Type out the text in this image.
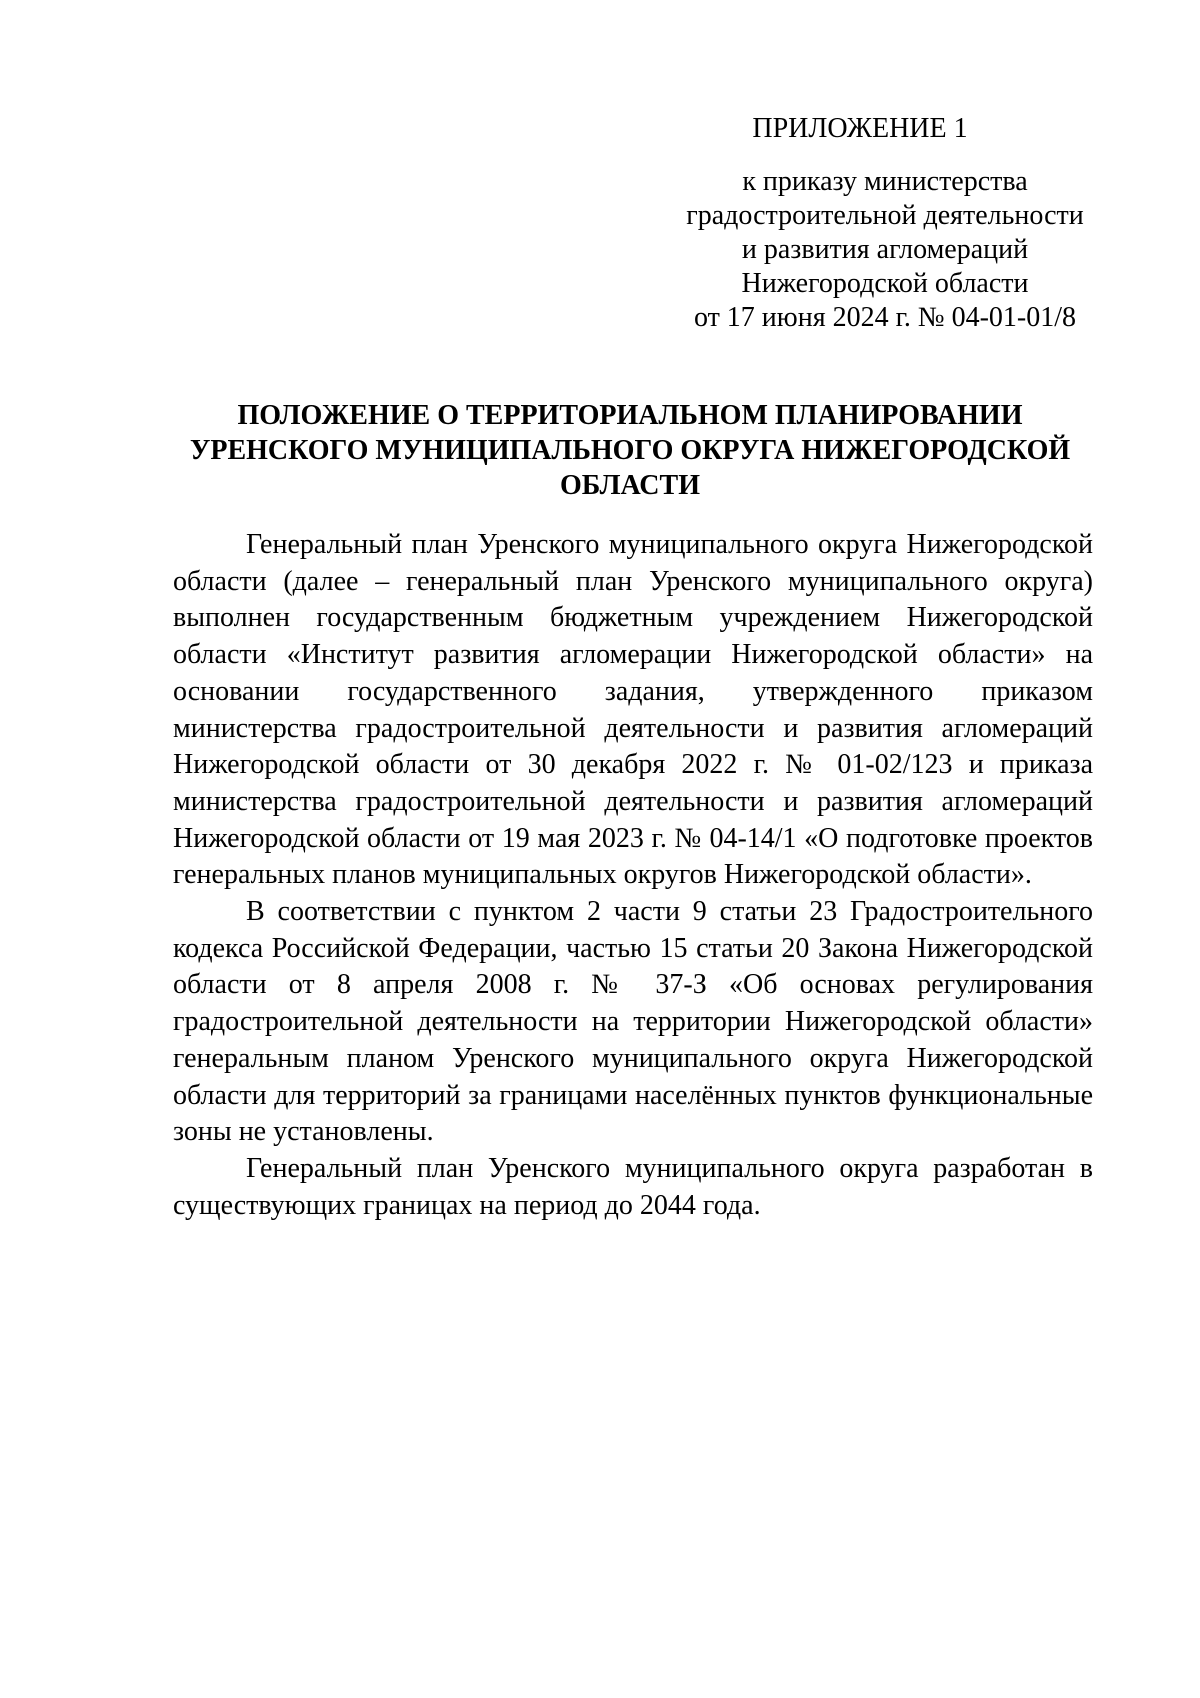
ПРИЛОЖЕНИЕ 1
к приказу министерства
градостроительной деятельности
и развития агломераций
Нижегородской области
от 17 июня 2024 г. № 04-01-01/8
ПОЛОЖЕНИЕ О ТЕРРИТОРИАЛЬНОМ ПЛАНИРОВАНИИ
УРЕНСКОГО МУНИЦИПАЛЬНОГО ОКРУГА НИЖЕГОРОДСКОЙ
ОБЛАСТИ

Генеральный план Уренского муниципального округа Нижегородской области (далее – генеральный план Уренского муниципального округа) выполнен государственным бюджетным учреждением Нижегородской области «Институт развития агломерации Нижегородской области» на основании государственного задания, утвержденного приказом министерства градостроительной деятельности и развития агломераций Нижегородской области от 30 декабря 2022 г. № 01-02/123 и приказа министерства градостроительной деятельности и развития агломераций Нижегородской области от 19 мая 2023 г. № 04-14/1 «О подготовке проектов генеральных планов муниципальных округов Нижегородской области».

В соответствии с пунктом 2 части 9 статьи 23 Градостроительного кодекса Российской Федерации, частью 15 статьи 20 Закона Нижегородской области от 8 апреля 2008 г. № 37-З «Об основах регулирования градостроительной деятельности на территории Нижегородской области» генеральным планом Уренского муниципального округа Нижегородской области для территорий за границами населённых пунктов функциональные зоны не установлены.

Генеральный план Уренского муниципального округа разработан в существующих границах на период до 2044 года.
